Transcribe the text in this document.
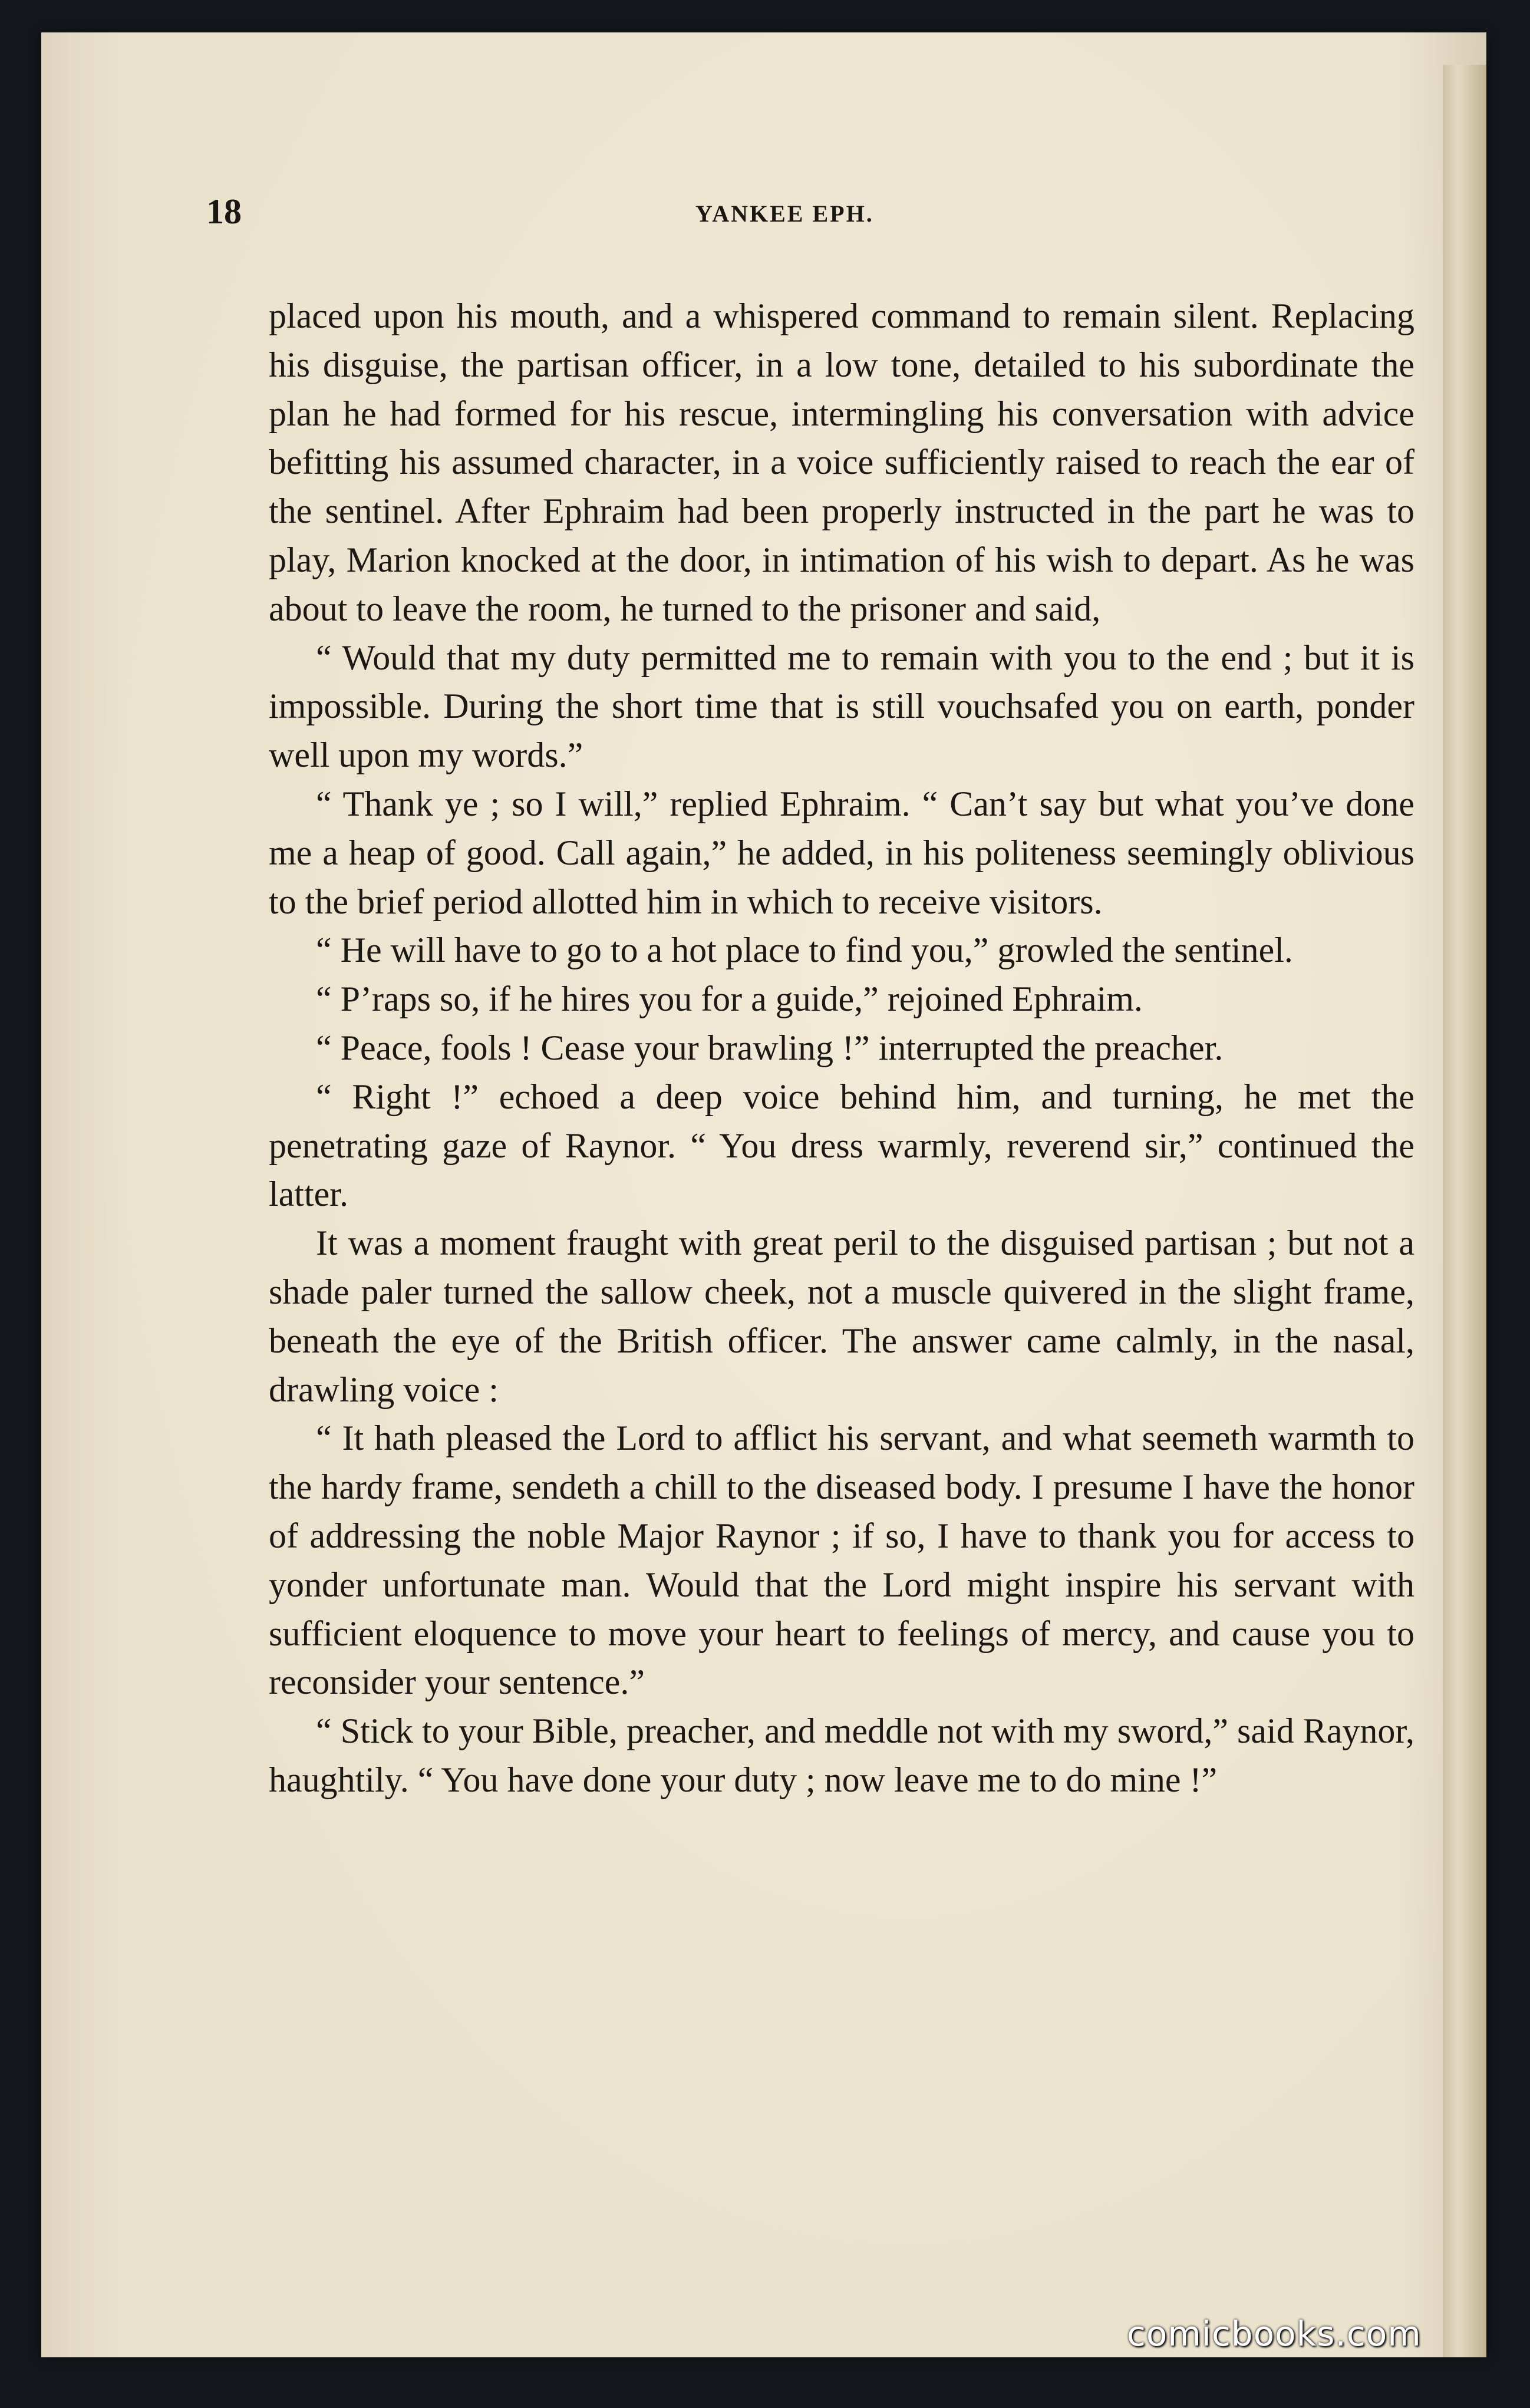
18	YANKEE EPH.

placed upon his mouth, and a whispered command to remain silent. Replacing his disguise, the partisan officer, in a low tone, detailed to his subordinate the plan he had formed for his rescue, intermingling his conversation with advice befitting his assumed character, in a voice sufficiently raised to reach the ear of the sentinel. After Ephraim had been properly instructed in the part he was to play, Marion knocked at the door, in intimation of his wish to depart. As he was about to leave the room, he turned to the prisoner and said,

“ Would that my duty permitted me to remain with you to the end ; but it is impossible. During the short time that is still vouchsafed you on earth, ponder well upon my words.”

“ Thank ye ; so I will,” replied Ephraim. “ Can’t say but what you’ve done me a heap of good. Call again,” he added, in his politeness seemingly oblivious to the brief period allotted him in which to receive visitors.

“ He will have to go to a hot place to find you,” growled the sentinel.

“ P’raps so, if he hires you for a guide,” rejoined Ephraim.

“ Peace, fools ! Cease your brawling !” interrupted the preacher.

“ Right !” echoed a deep voice behind him, and turning, he met the penetrating gaze of Raynor. “ You dress warmly, reverend sir,” continued the latter.

It was a moment fraught with great peril to the disguised partisan ; but not a shade paler turned the sallow cheek, not a muscle quivered in the slight frame, beneath the eye of the British officer. The answer came calmly, in the nasal, drawling voice :

“ It hath pleased the Lord to afflict his servant, and what seemeth warmth to the hardy frame, sendeth a chill to the diseased body. I presume I have the honor of addressing the noble Major Raynor ; if so, I have to thank you for access to yonder unfortunate man. Would that the Lord might inspire his servant with sufficient eloquence to move your heart to feelings of mercy, and cause you to reconsider your sentence.”

“ Stick to your Bible, preacher, and meddle not with my sword,” said Raynor, haughtily. “ You have done your duty ; now leave me to do mine !”

comicbooks.com
